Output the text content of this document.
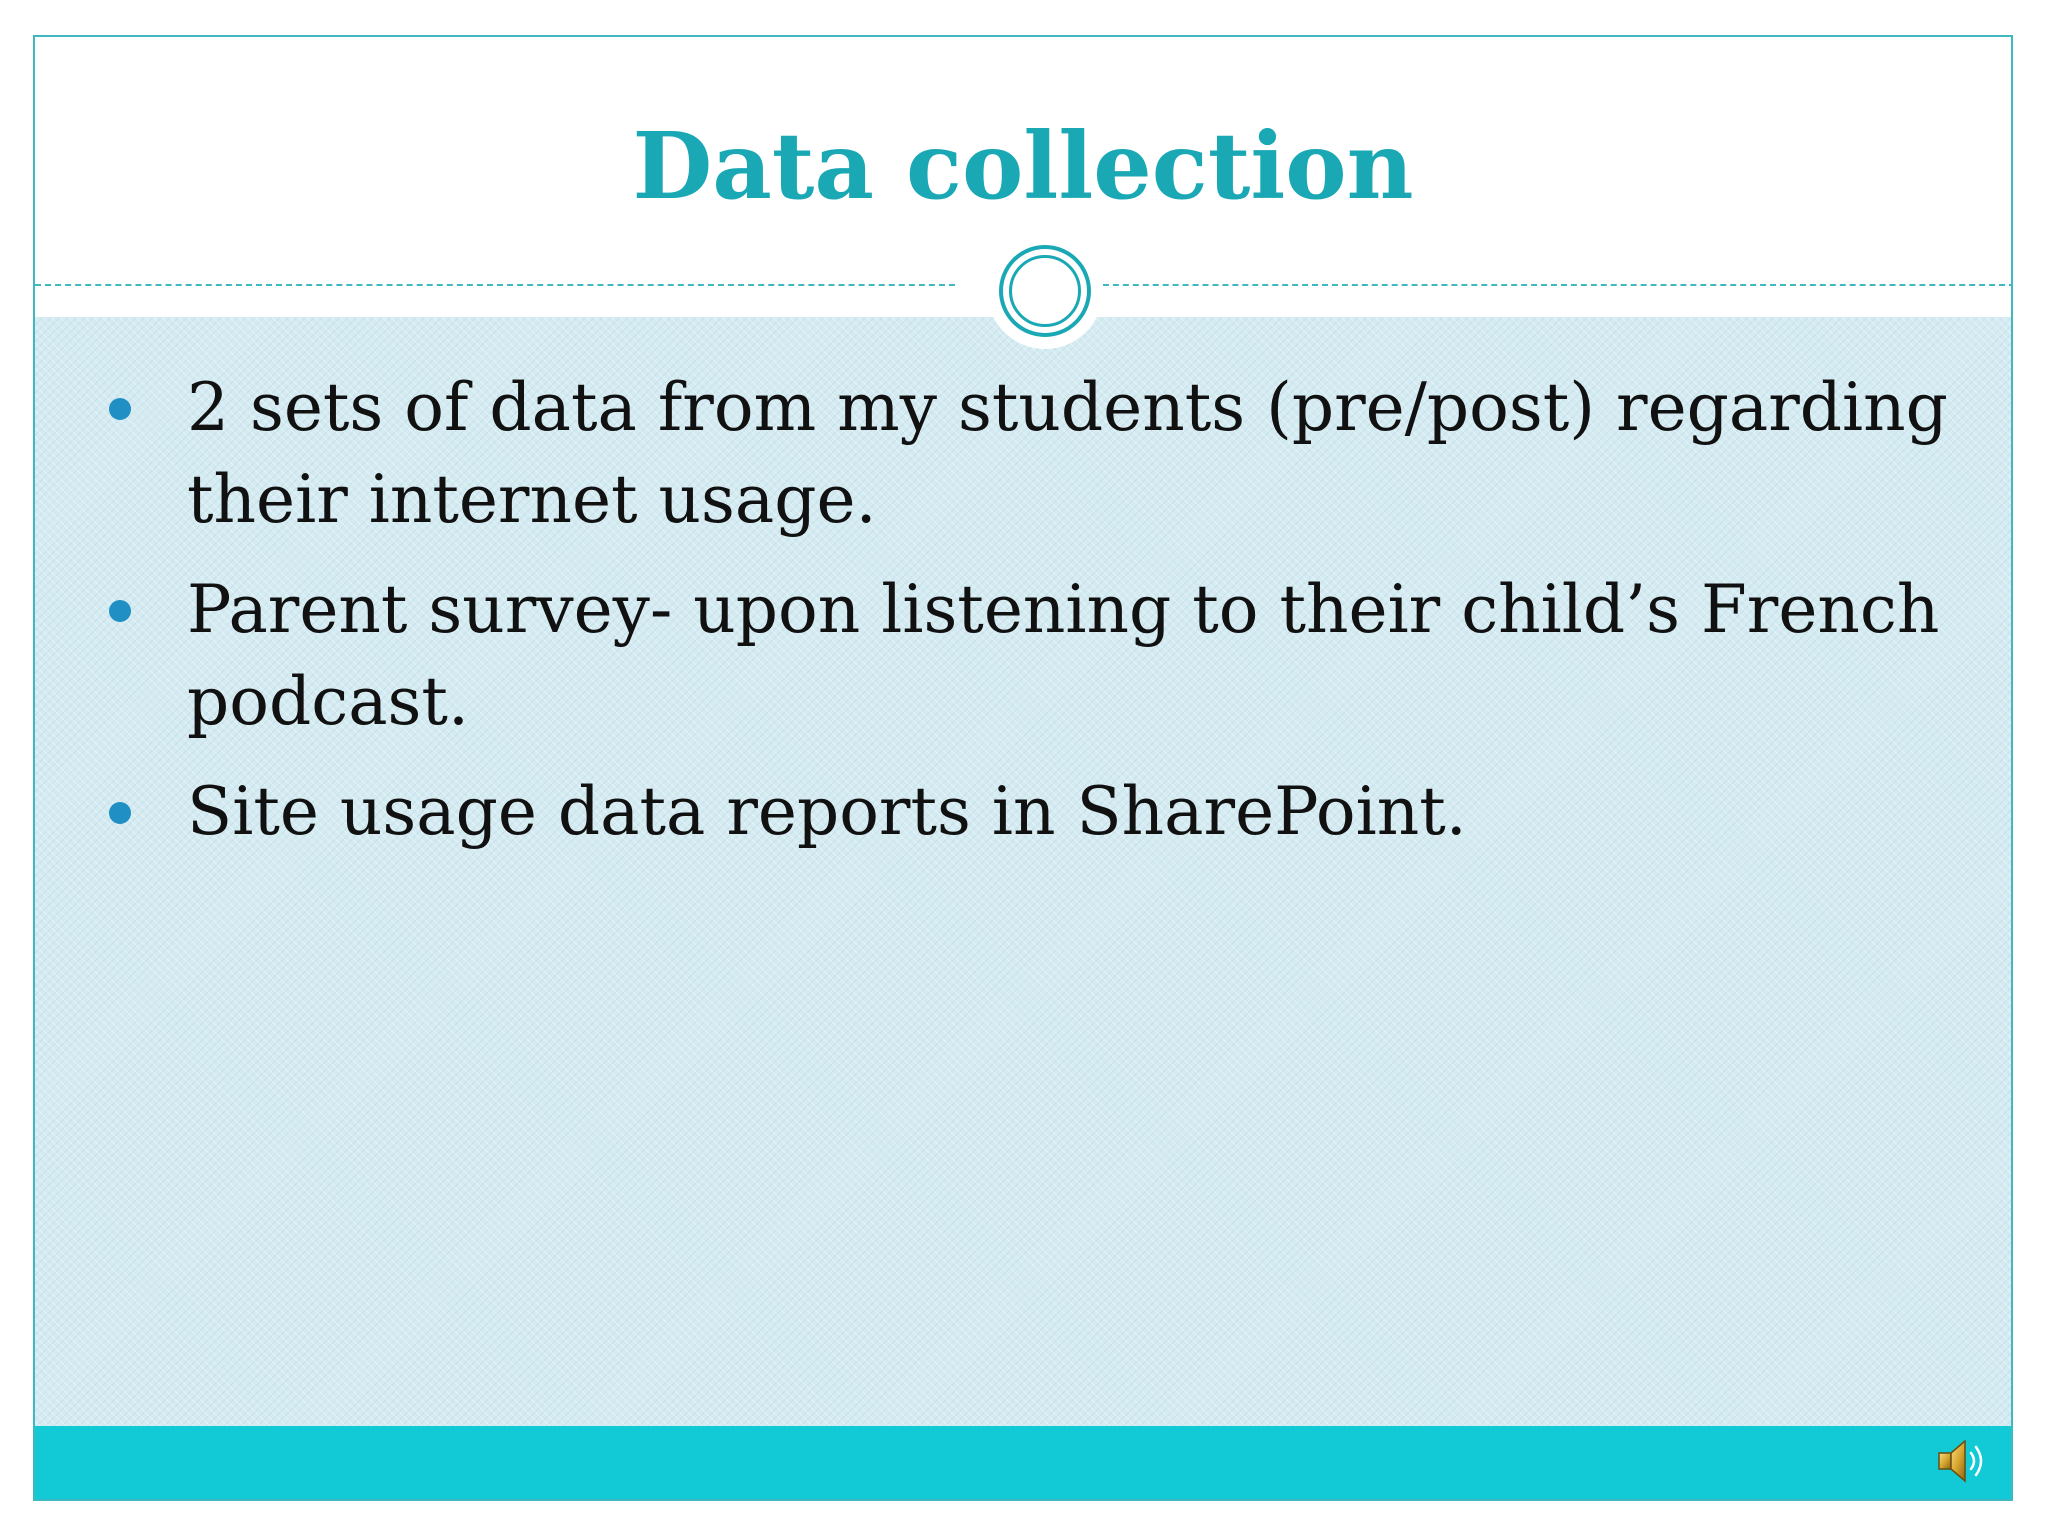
Data collection
2 sets of data from my students (pre/post) regarding their internet usage.
Parent survey- upon listening to their child’s French podcast.
Site usage data reports in SharePoint.
